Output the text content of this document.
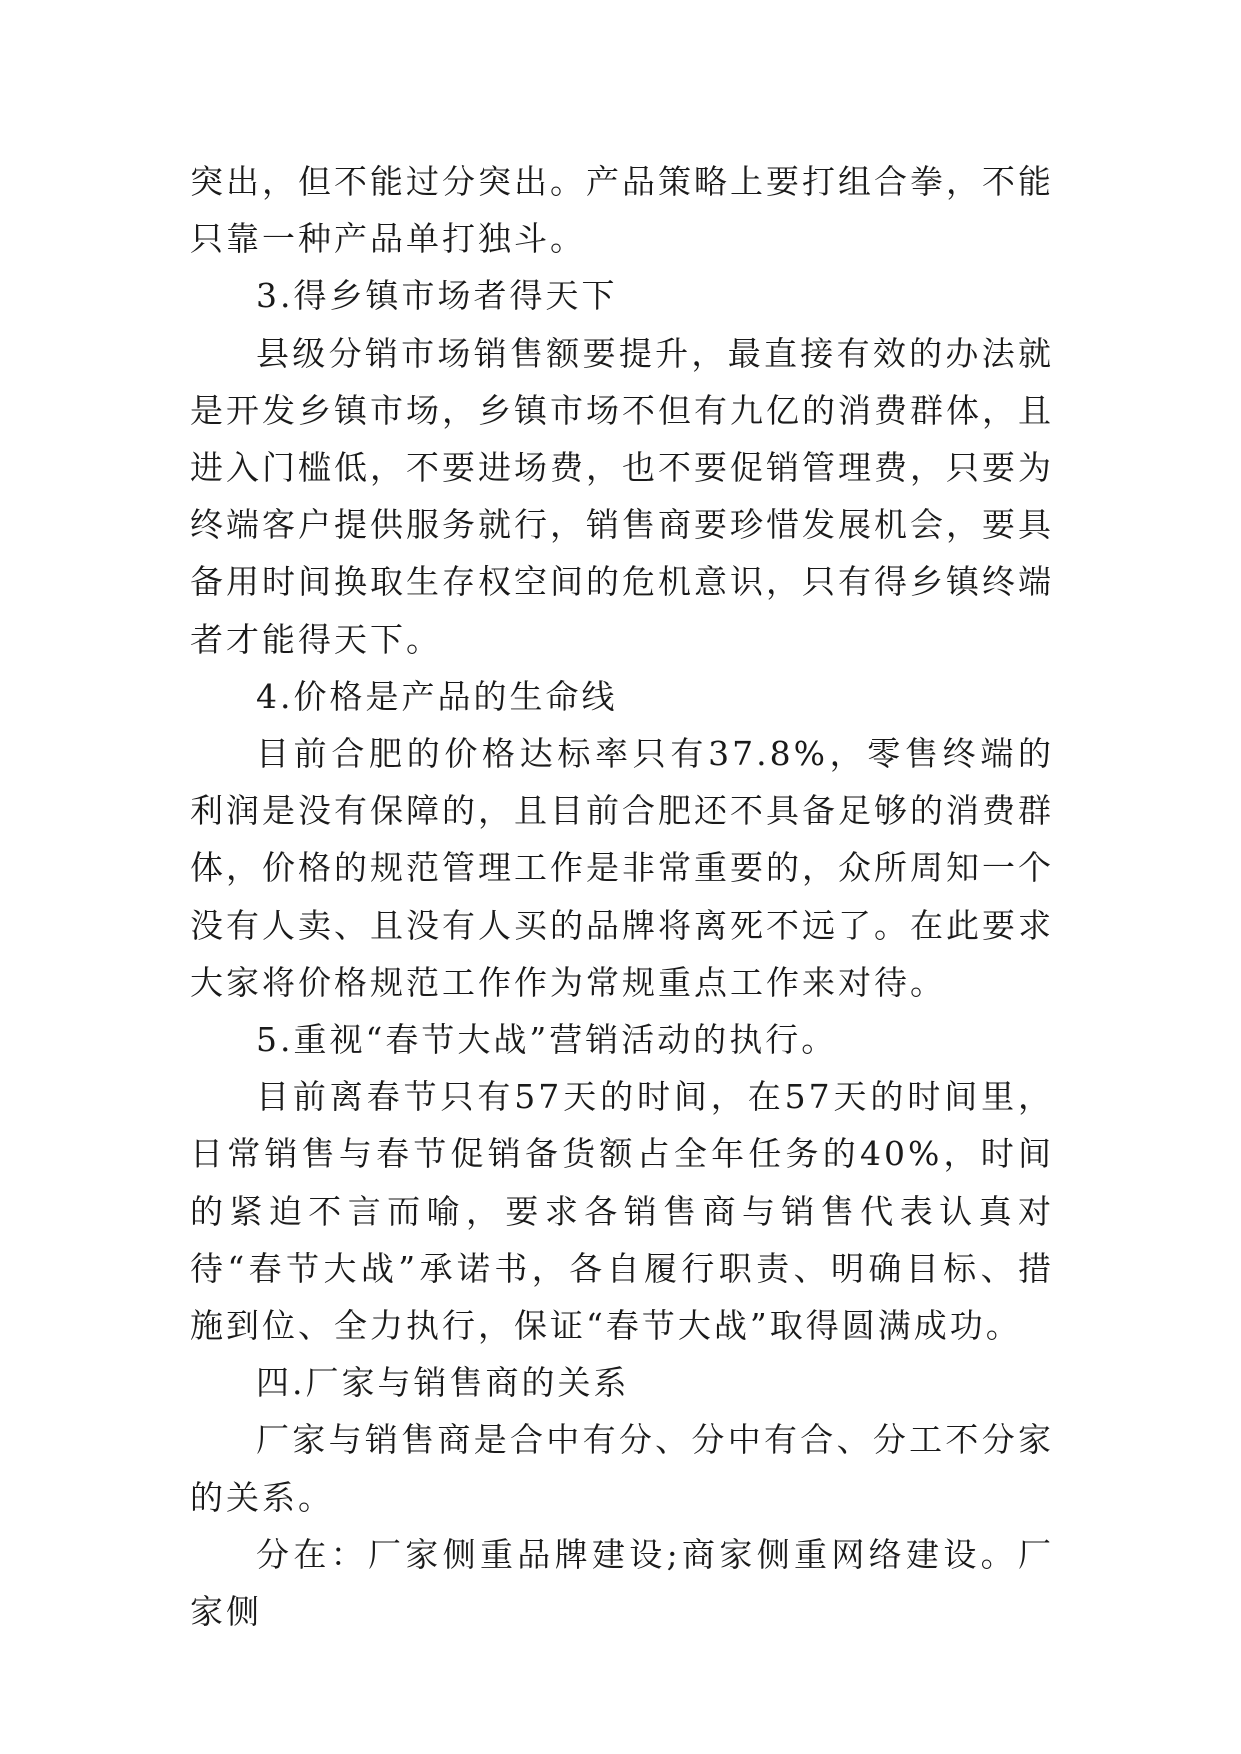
突出，但不能过分突出。产品策略上要打组合拳，不能只靠一种产品单打独斗。

3.得乡镇市场者得天下

县级分销市场销售额要提升，最直接有效的办法就是开发乡镇市场，乡镇市场不但有九亿的消费群体，且进入门槛低，不要进场费，也不要促销管理费，只要为终端客户提供服务就行，销售商要珍惜发展机会，要具备用时间换取生存权空间的危机意识，只有得乡镇终端者才能得天下。

4.价格是产品的生命线

目前合肥的价格达标率只有37.8%，零售终端的利润是没有保障的，且目前合肥还不具备足够的消费群体，价格的规范管理工作是非常重要的，众所周知一个没有人卖、且没有人买的品牌将离死不远了。在此要求大家将价格规范工作作为常规重点工作来对待。

5.重视“春节大战”营销活动的执行。

目前离春节只有57天的时间，在57天的时间里，日常销售与春节促销备货额占全年任务的40%，时间的紧迫不言而喻，要求各销售商与销售代表认真对待“春节大战”承诺书，各自履行职责、明确目标、措施到位、全力执行，保证“春节大战”取得圆满成功。

四.厂家与销售商的关系

厂家与销售商是合中有分、分中有合、分工不分家的关系。

分在：厂家侧重品牌建设;商家侧重网络建设。厂家侧
